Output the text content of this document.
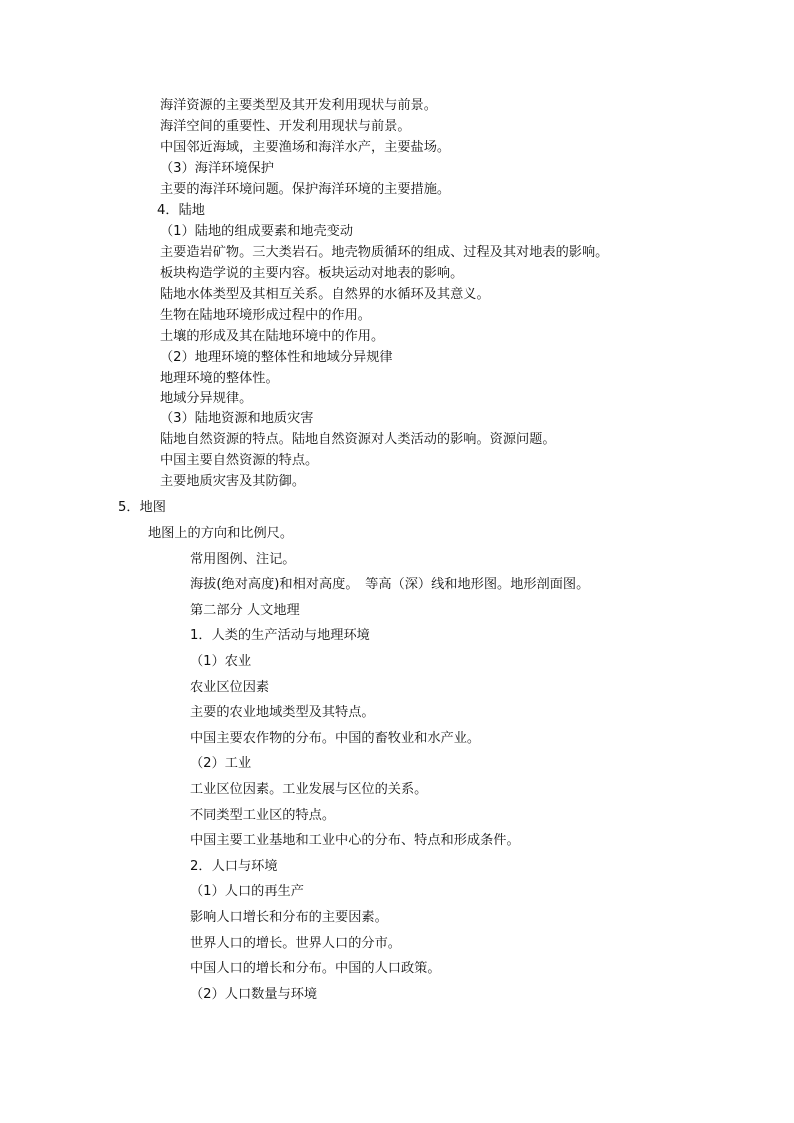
海洋资源的主要类型及其开发利用现状与前景。
海洋空间的重要性、开发利用现状与前景。
中国邻近海域，主要渔场和海洋水产，主要盐场。
（3）海洋环境保护
主要的海洋环境问题。保护海洋环境的主要措施。
4．陆地
（1）陆地的组成要素和地壳变动
主要造岩矿物。三大类岩石。地壳物质循环的组成、过程及其对地表的影响。
板块构造学说的主要内容。板块运动对地表的影响。
陆地水体类型及其相互关系。自然界的水循环及其意义。
生物在陆地环境形成过程中的作用。
土壤的形成及其在陆地环境中的作用。
（2）地理环境的整体性和地域分异规律
地理环境的整体性。
地域分异规律。
（3）陆地资源和地质灾害
陆地自然资源的特点。陆地自然资源对人类活动的影响。资源问题。
中国主要自然资源的特点。
主要地质灾害及其防御。
5．地图
地图上的方向和比例尺。
常用图例、注记。
海拔(绝对高度)和相对高度。　等高（深）线和地形图。地形剖面图。
第二部分 人文地理
1．人类的生产活动与地理环境
（1）农业
农业区位因素
主要的农业地域类型及其特点。
中国主要农作物的分布。中国的畜牧业和水产业。
（2）工业
工业区位因素。工业发展与区位的关系。
不同类型工业区的特点。
中国主要工业基地和工业中心的分布、特点和形成条件。
2．人口与环境
（1）人口的再生产
影响人口增长和分布的主要因素。
世界人口的增长。世界人口的分市。
中国人口的增长和分布。中国的人口政策。
（2）人口数量与环境
